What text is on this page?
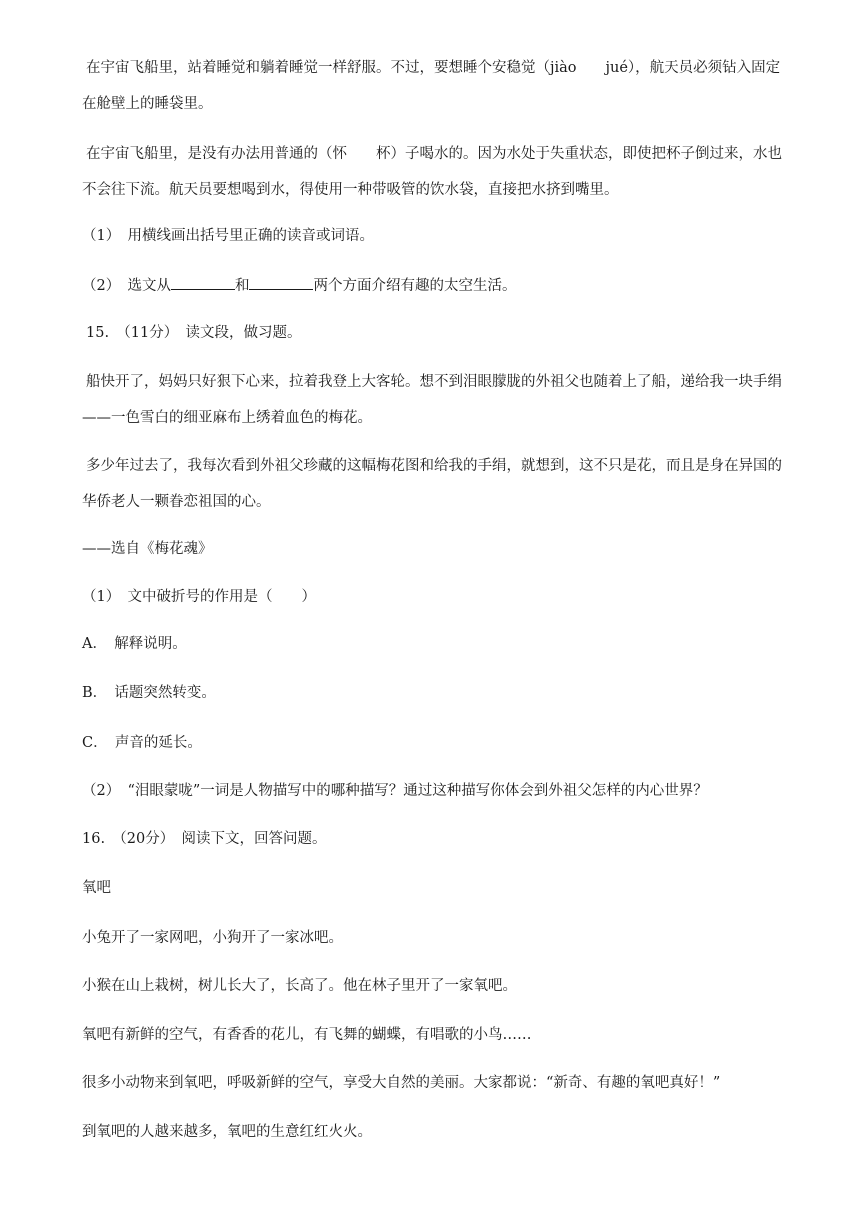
在宇宙飞船里，站着睡觉和躺着睡觉一样舒服。不过，要想睡个安稳觉（jiào　　jué），航天员必须钻入固定
在舱壁上的睡袋里。
在宇宙飞船里，是没有办法用普通的（怀　　杯）子喝水的。因为水处于失重状态，即使把杯子倒过来，水也
不会往下流。航天员要想喝到水，得使用一种带吸管的饮水袋，直接把水挤到嘴里。
（1）　用横线画出括号里正确的读音或词语。
（2）　选文从	和	两个方面介绍有趣的太空生活。
15.　（11分）　读文段，做习题。
船快开了，妈妈只好狠下心来，拉着我登上大客轮。想不到泪眼朦胧的外祖父也随着上了船，递给我一块手绢
——一色雪白的细亚麻布上绣着血色的梅花。
多少年过去了，我每次看到外祖父珍藏的这幅梅花图和给我的手绢，就想到，这不只是花，而且是身在异国的
华侨老人一颗眷恋祖国的心。
——选自《梅花魂》
（1）　文中破折号的作用是（　　）
A．　解释说明。
B．　话题突然转变。
C．　声音的延长。
（2）　“泪眼蒙咙”一词是人物描写中的哪种描写？通过这种描写你体会到外祖父怎样的内心世界？
16.　（20分）　阅读下文，回答问题。
氧吧
小兔开了一家网吧，小狗开了一家冰吧。
小猴在山上栽树，树儿长大了，长高了。他在林子里开了一家氧吧。
氧吧有新鲜的空气，有香香的花儿，有飞舞的蝴蝶，有唱歌的小鸟……
很多小动物来到氧吧，呼吸新鲜的空气，享受大自然的美丽。大家都说：“新奇、有趣的氧吧真好！”
到氧吧的人越来越多，氧吧的生意红红火火。
